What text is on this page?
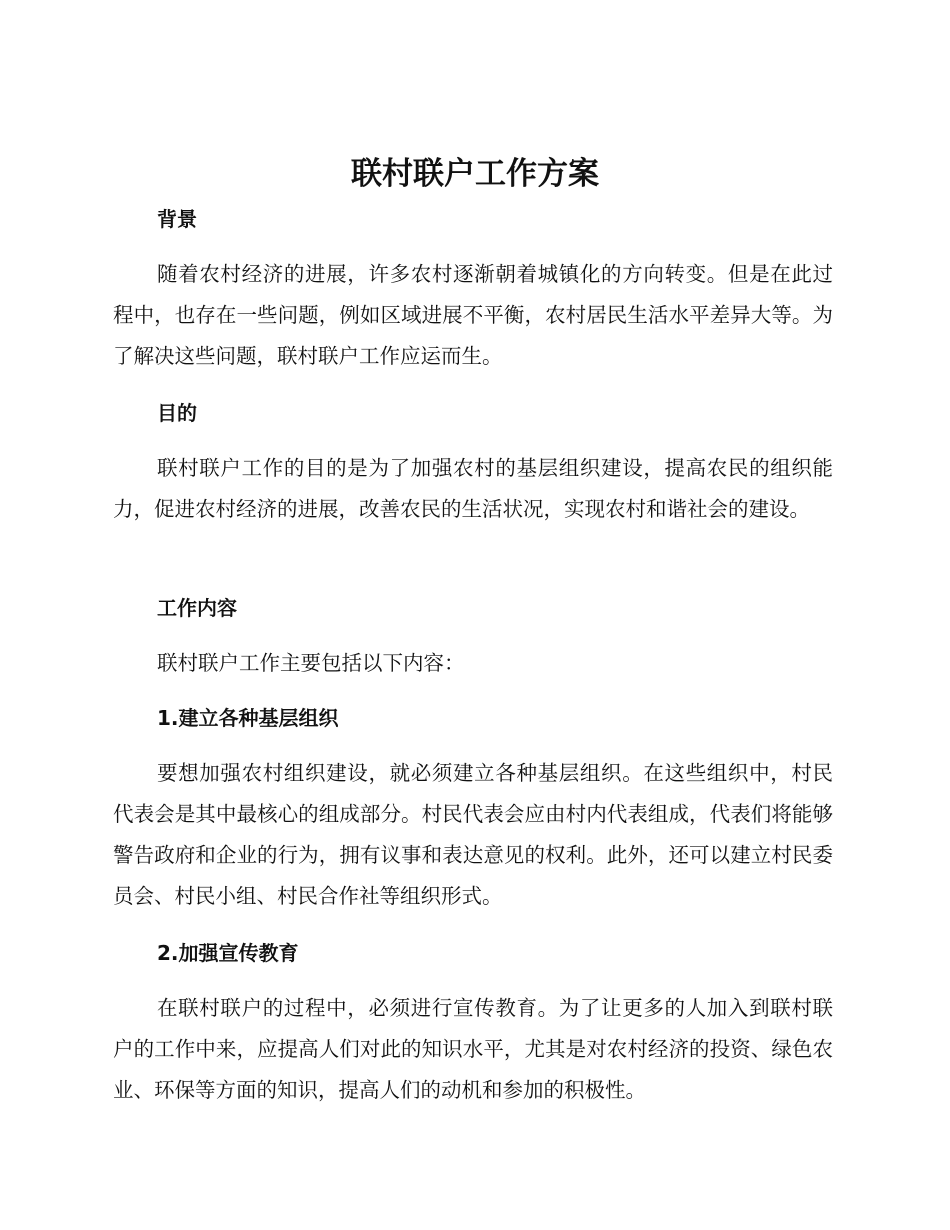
联村联户工作方案
背景

随着农村经济的进展，许多农村逐渐朝着城镇化的方向转变。但是在此过程中，也存在一些问题，例如区域进展不平衡，农村居民生活水平差异大等。为了解决这些问题，联村联户工作应运而生。

目的

联村联户工作的目的是为了加强农村的基层组织建设，提高农民的组织能力，促进农村经济的进展，改善农民的生活状况，实现农村和谐社会的建设。

工作内容

联村联户工作主要包括以下内容：

1.建立各种基层组织

要想加强农村组织建设，就必须建立各种基层组织。在这些组织中，村民代表会是其中最核心的组成部分。村民代表会应由村内代表组成，代表们将能够警告政府和企业的行为，拥有议事和表达意见的权利。此外，还可以建立村民委员会、村民小组、村民合作社等组织形式。

2.加强宣传教育

在联村联户的过程中，必须进行宣传教育。为了让更多的人加入到联村联户的工作中来，应提高人们对此的知识水平，尤其是对农村经济的投资、绿色农业、环保等方面的知识，提高人们的动机和参加的积极性。
